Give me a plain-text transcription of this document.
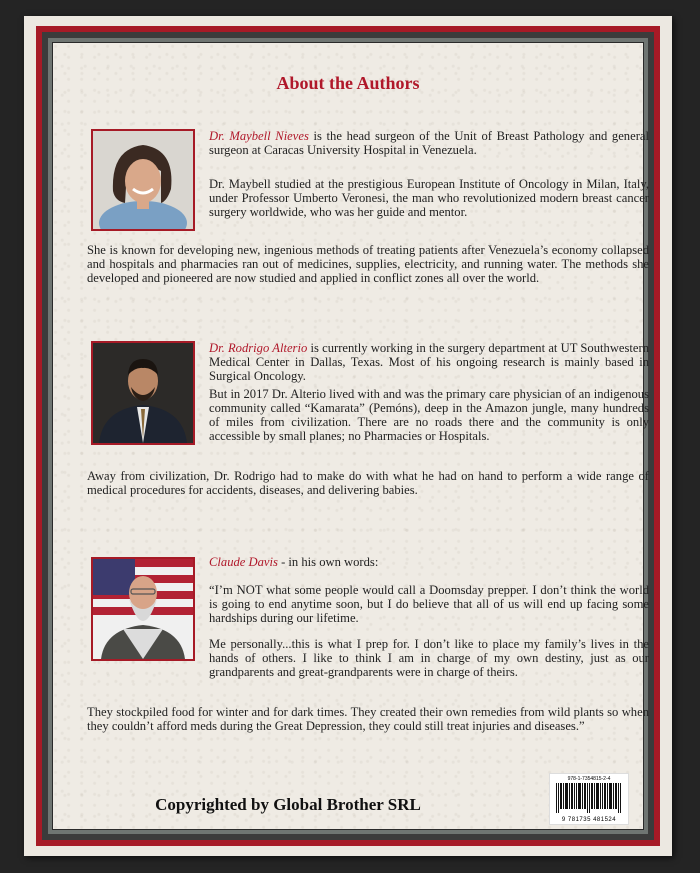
About the Authors
Dr. Maybell Nieves is the head surgeon of the Unit of Breast Pathology and general surgeon at Caracas University Hospital in Venezuela.
Dr. Maybell studied at the prestigious European Institute of Oncology in Milan, Italy, under Professor Umberto Veronesi, the man who revolutionized modern breast cancer surgery worldwide, who was her guide and mentor.
She is known for developing new, ingenious methods of treating patients after Venezuela’s economy collapsed and hospitals and pharmacies ran out of medicines, supplies, electricity, and running water. The methods she developed and pioneered are now studied and applied in conflict zones all over the world.
Dr. Rodrigo Alterio is currently working in the surgery department at UT Southwestern Medical Center in Dallas, Texas. Most of his ongoing research is mainly based in Surgical Oncology.
But in 2017 Dr. Alterio lived with and was the primary care physician of an indigenous community called “Kamarata” (Pemóns), deep in the Amazon jungle, many hundreds of miles from civilization. There are no roads there and the community is only accessible by small planes; no Pharmacies or Hospitals.
Away from civilization, Dr. Rodrigo had to make do with what he had on hand to perform a wide range of medical procedures for accidents, diseases, and delivering babies.
Claude Davis - in his own words:
“I’m NOT what some people would call a Doomsday prepper. I don’t think the world is going to end anytime soon, but I do believe that all of us will end up facing some hardships during our lifetime.
Me personally...this is what I prep for. I don’t like to place my family’s lives in the hands of others. I like to think I am in charge of my own destiny, just as our grandparents and great-grandparents were in charge of theirs.
They stockpiled food for winter and for dark times. They created their own remedies from wild plants so when they couldn’t afford meds during the Great Depression, they could still treat injuries and diseases.”
Copyrighted by Global Brother SRL
978-1-7354815-2-4
9 781735 481524
